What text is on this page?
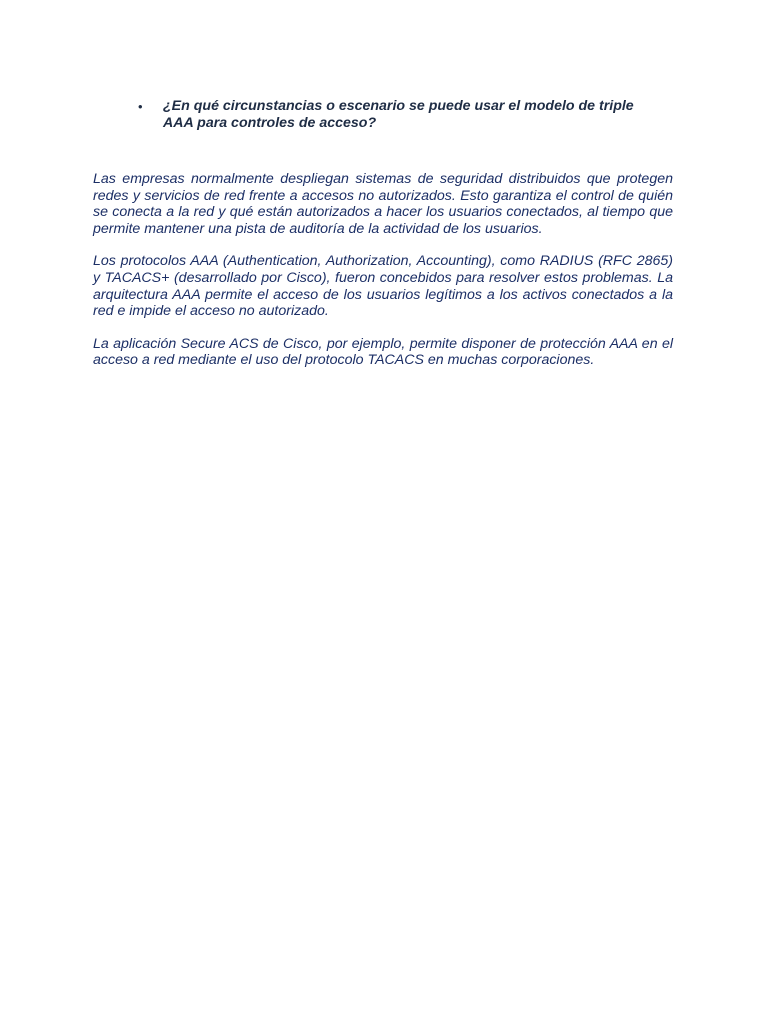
•	¿En qué circunstancias o escenario se puede usar el modelo de triple AAA para controles de acceso?

Las empresas normalmente despliegan sistemas de seguridad distribuidos que protegen redes y servicios de red frente a accesos no autorizados. Esto garantiza el control de quién se conecta a la red y qué están autorizados a hacer los usuarios conectados, al tiempo que permite mantener una pista de auditoría de la actividad de los usuarios.

Los protocolos AAA (Authentication, Authorization, Accounting), como RADIUS (RFC 2865) y TACACS+ (desarrollado por Cisco), fueron concebidos para resolver estos problemas. La arquitectura AAA permite el acceso de los usuarios legítimos a los activos conectados a la red e impide el acceso no autorizado.

La aplicación Secure ACS de Cisco, por ejemplo, permite disponer de protección AAA en el acceso a red mediante el uso del protocolo TACACS en muchas corporaciones.
